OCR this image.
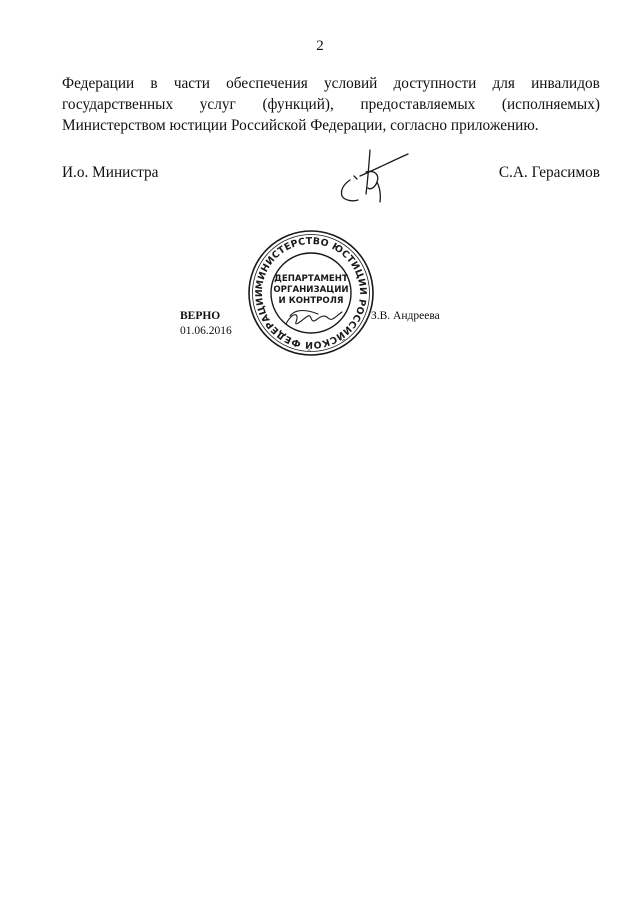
2
Федерации в части обеспечения условий доступности для инвалидов
государственных услуг (функций), предоставляемых (исполняемых)
Министерством юстиции Российской Федерации, согласно приложению.
И.о. Министра	С.А. Герасимов
ВЕРНО
01.06.2016
МИНИСТЕРСТВО ЮСТИЦИИ РОССИЙСКОЙ ФЕДЕРАЦИИ
ДЕПАРТАМЕНТ
ОРГАНИЗАЦИИ
И КОНТРОЛЯ
З.В. Андреева
